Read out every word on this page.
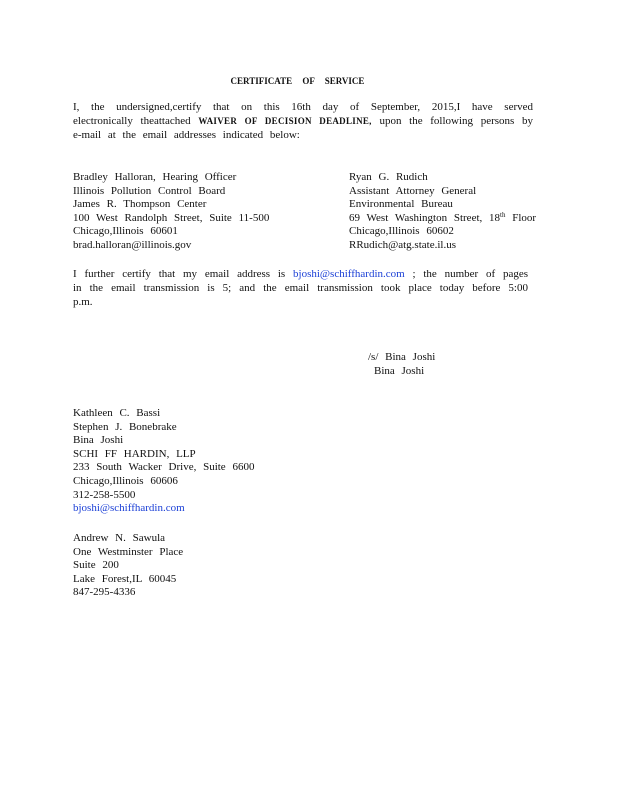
CERTIFICATE OF SERVICE
I, the undersigned,certify that on this 16th day of September, 2015,I have served electronically theattached WAIVER OF DECISION DEADLINE, upon the following persons by e-mail at the email addresses indicated below:
Bradley Halloran, Hearing Officer
Illinois Pollution Control Board
James R. Thompson Center
100 West Randolph Street, Suite 11-500
Chicago,Illinois 60601
brad.halloran@illinois.gov
Ryan G. Rudich
Assistant Attorney General
Environmental Bureau
69 West Washington Street, 18th Floor
Chicago,Illinois 60602
RRudich@atg.state.il.us
I further certify that my email address is bjoshi@schiffhardin.com ; the number of pages in the email transmission is 5; and the email transmission took place today before 5:00 p.m.
/s/ Bina Joshi
Bina Joshi
Kathleen C. Bassi
Stephen J. Bonebrake
Bina Joshi
SCHI FF HARDIN, LLP
233 South Wacker Drive, Suite 6600
Chicago,Illinois 60606
312-258-5500
bjoshi@schiffhardin.com
Andrew N. Sawula
One Westminster Place
Suite 200
Lake Forest,IL 60045
847-295-4336
